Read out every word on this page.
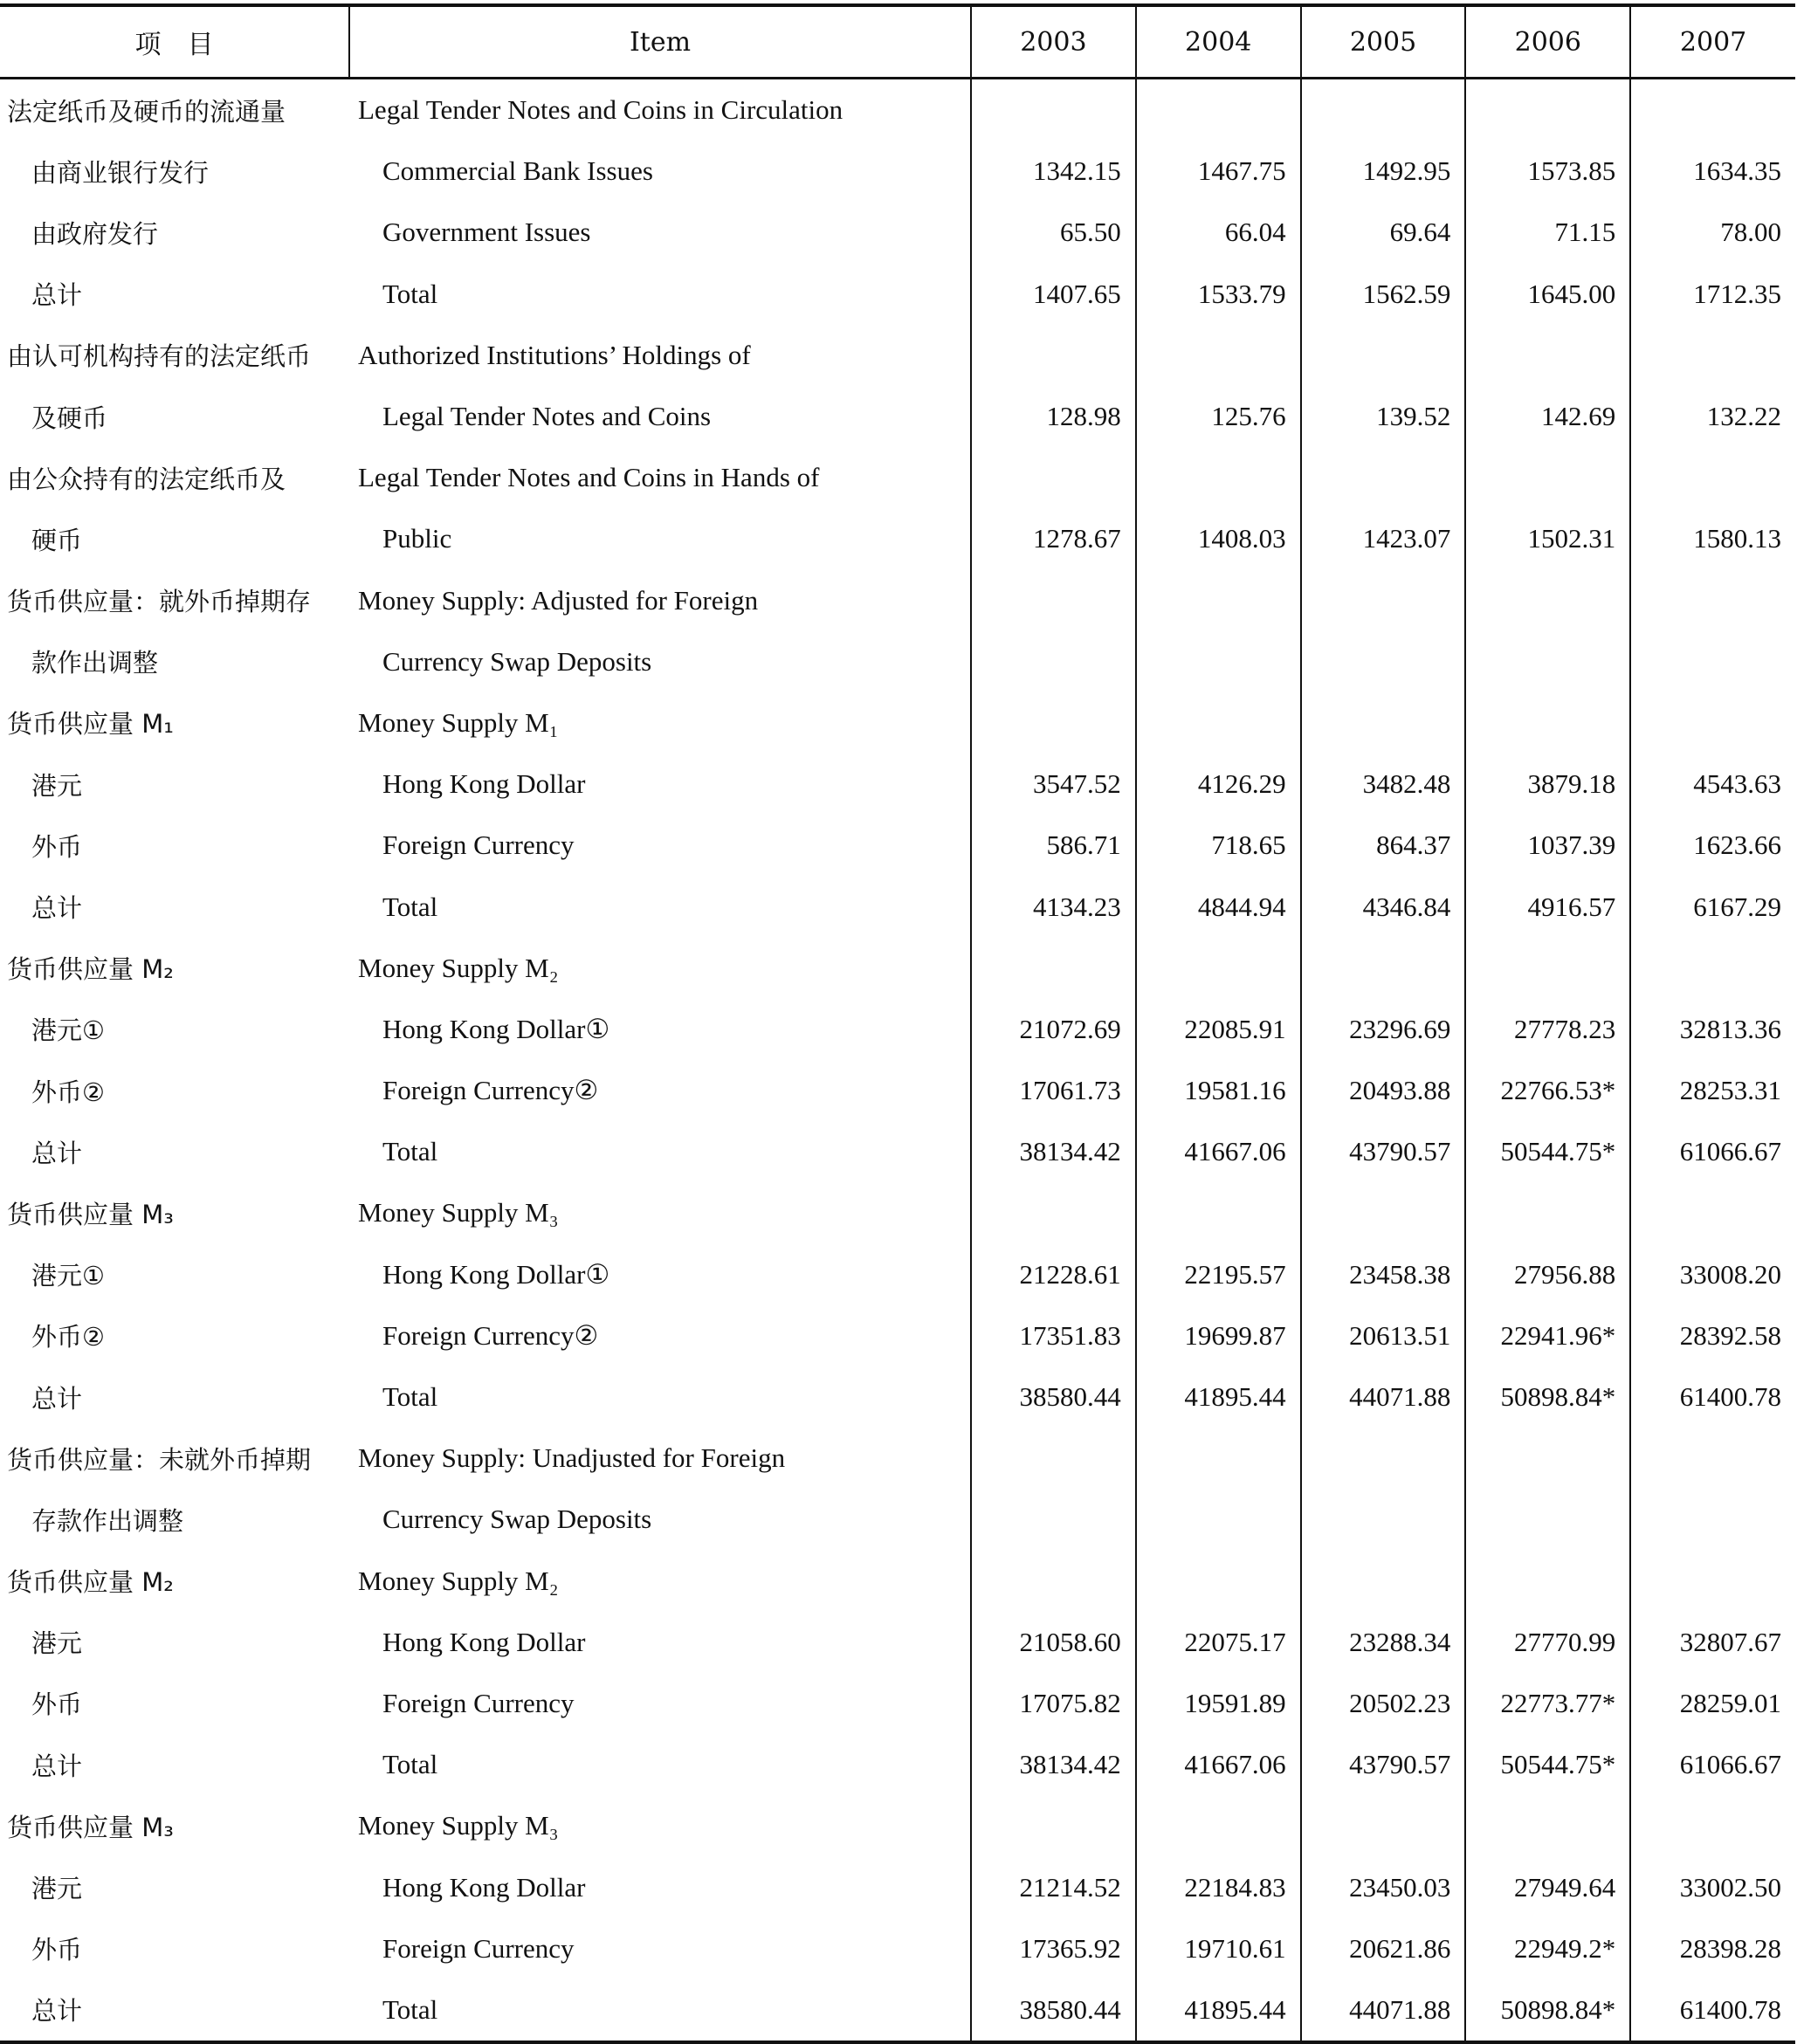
项　目	Item	2003	2004	2005	2006	2007
法定纸币及硬币的流通量	Legal Tender Notes and Coins in Circulation					
由商业银行发行	Commercial Bank Issues	1342.15	1467.75	1492.95	1573.85	1634.35
由政府发行	Government Issues	65.50	66.04	69.64	71.15	78.00
总计	Total	1407.65	1533.79	1562.59	1645.00	1712.35
由认可机构持有的法定纸币	Authorized Institutions’ Holdings of					
及硬币	Legal Tender Notes and Coins	128.98	125.76	139.52	142.69	132.22
由公众持有的法定纸币及	Legal Tender Notes and Coins in Hands of					
硬币	Public	1278.67	1408.03	1423.07	1502.31	1580.13
货币供应量：就外币掉期存	Money Supply: Adjusted for Foreign					
款作出调整	Currency Swap Deposits					
货币供应量 M₁	Money Supply M₁					
港元	Hong Kong Dollar	3547.52	4126.29	3482.48	3879.18	4543.63
外币	Foreign Currency	586.71	718.65	864.37	1037.39	1623.66
总计	Total	4134.23	4844.94	4346.84	4916.57	6167.29
货币供应量 M₂	Money Supply M₂					
港元①	Hong Kong Dollar①	21072.69	22085.91	23296.69	27778.23	32813.36
外币②	Foreign Currency②	17061.73	19581.16	20493.88	22766.53*	28253.31
总计	Total	38134.42	41667.06	43790.57	50544.75*	61066.67
货币供应量 M₃	Money Supply M₃					
港元①	Hong Kong Dollar①	21228.61	22195.57	23458.38	27956.88	33008.20
外币②	Foreign Currency②	17351.83	19699.87	20613.51	22941.96*	28392.58
总计	Total	38580.44	41895.44	44071.88	50898.84*	61400.78
货币供应量：未就外币掉期	Money Supply: Unadjusted for Foreign					
存款作出调整	Currency Swap Deposits					
货币供应量 M₂	Money Supply M₂					
港元	Hong Kong Dollar	21058.60	22075.17	23288.34	27770.99	32807.67
外币	Foreign Currency	17075.82	19591.89	20502.23	22773.77*	28259.01
总计	Total	38134.42	41667.06	43790.57	50544.75*	61066.67
货币供应量 M₃	Money Supply M₃					
港元	Hong Kong Dollar	21214.52	22184.83	23450.03	27949.64	33002.50
外币	Foreign Currency	17365.92	19710.61	20621.86	22949.2*	28398.28
总计	Total	38580.44	41895.44	44071.88	50898.84*	61400.78
